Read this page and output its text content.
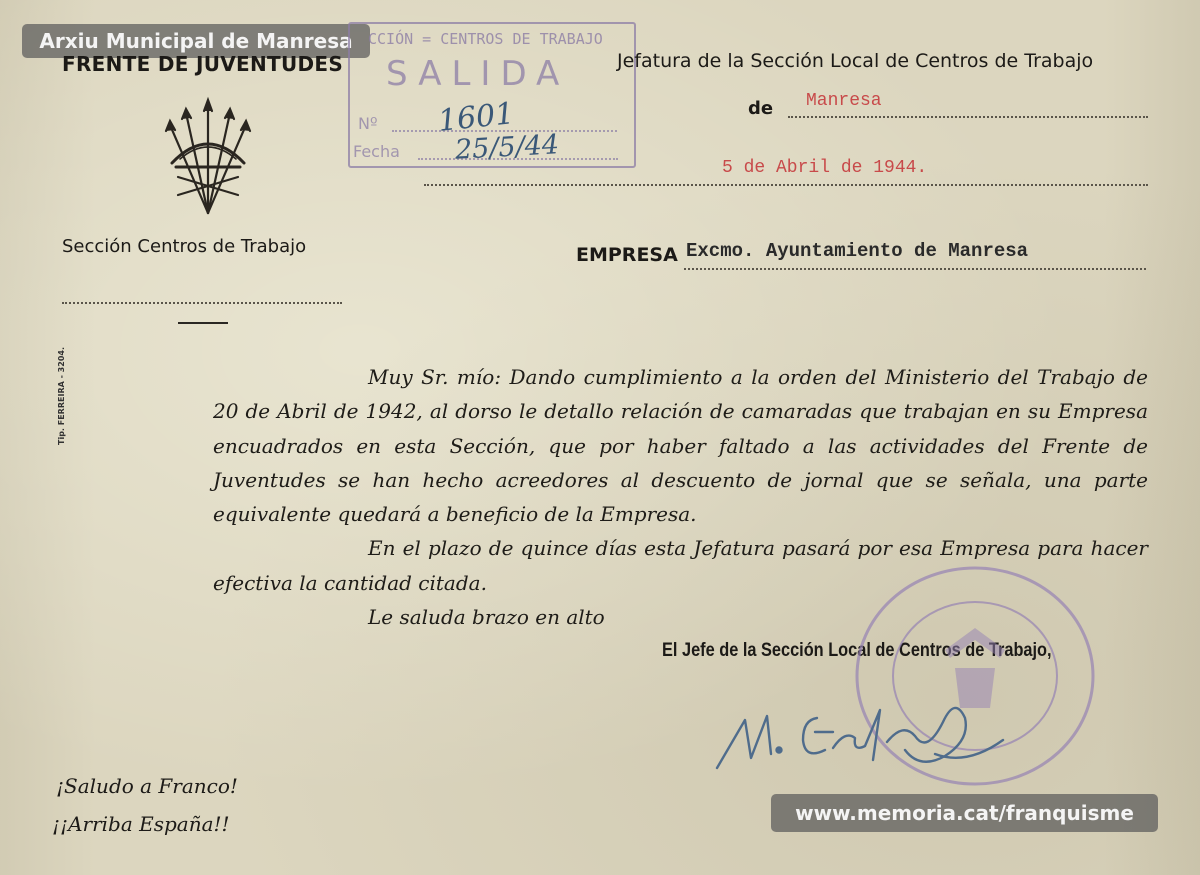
Arxiu Municipal de Manresa
www.memoria.cat/franquisme
FRENTE DE JUVENTUDES
Sección Centros de Trabajo
CCIÓN = CENTROS DE TRABAJO
SALIDA
Nº
Fecha
1601
25/5/44
Jefatura de la Sección Local de Centros de Trabajo
de Manresa
5 de Abril de 1944.
EMPRESA Excmo. Ayuntamiento de Manresa
Tip. FERREIRA - 3204.	Muy Sr. mío: Dando cumplimiento a la orden del Ministerio del Trabajo de 20 de Abril de 1942, al dorso le detallo relación de camaradas que trabajan en su Empresa encuadrados en esta Sección, que por haber faltado a las actividades del Frente de Juventudes se han hecho acreedores al descuento de jornal que se señala, una parte equivalente quedará a beneficio de la Empresa.

En el plazo de quince días esta Jefatura pasará por esa Empresa para hacer efectiva la cantidad citada.

Le saluda brazo en alto

El Jefe de la Sección Local de Centros de Trabajo,
¡Saludo a Franco!
¡¡Arriba España!!
